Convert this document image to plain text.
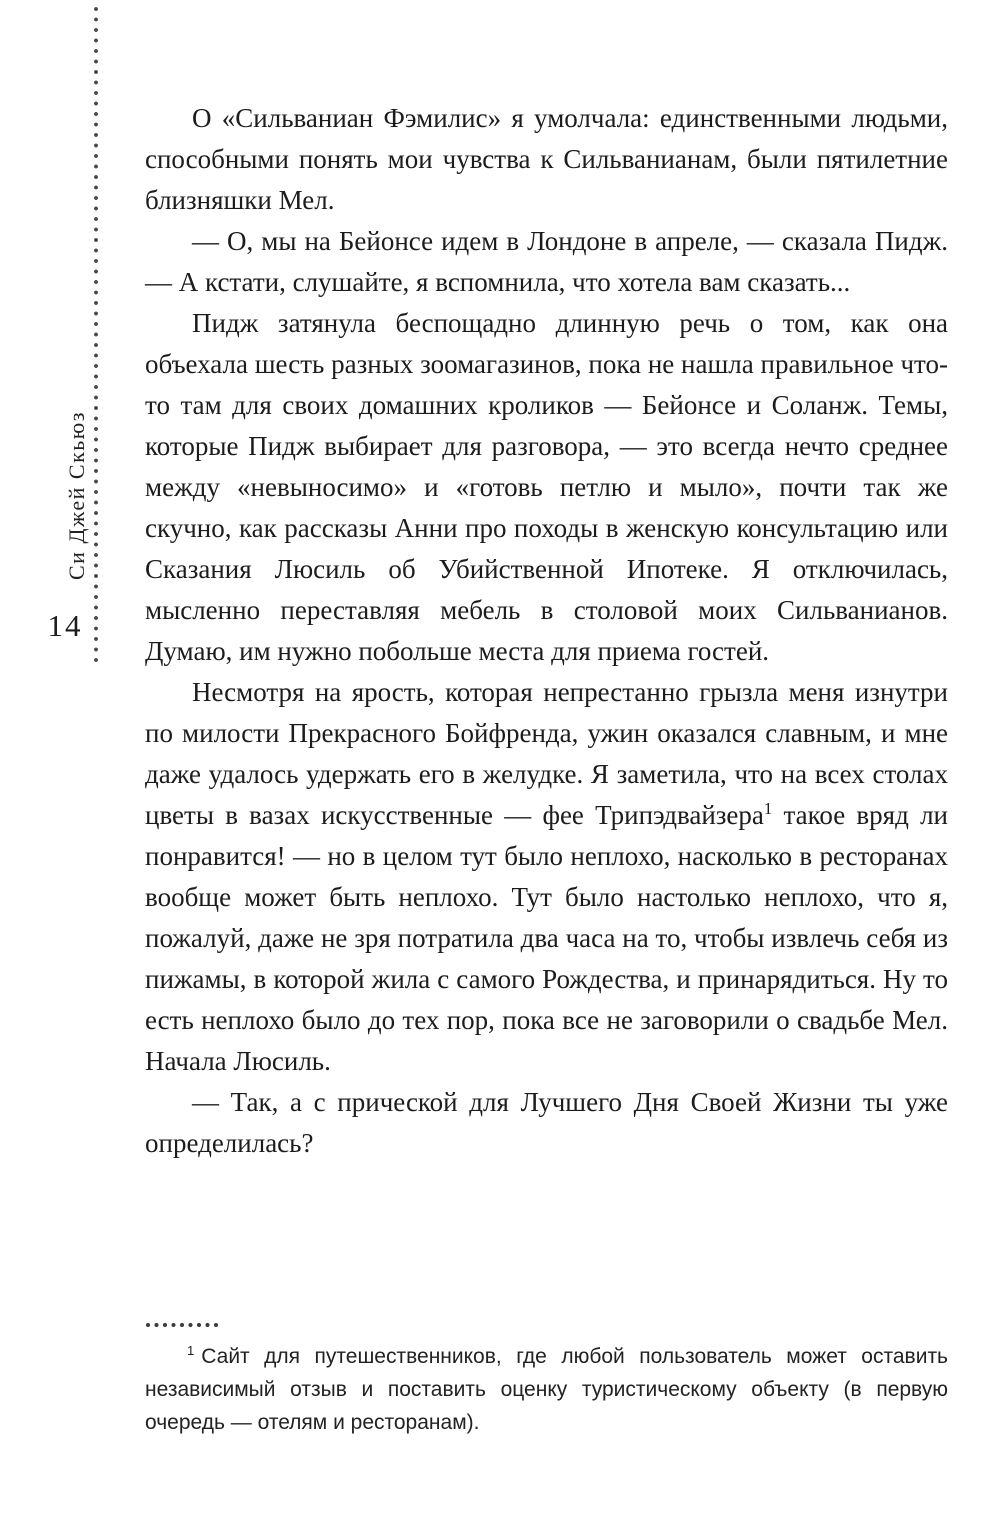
Си Джей Скьюз
14

О «Сильваниан Фэмилис» я умолчала: единственными людьми, способными понять мои чувства к Сильванианам, были пятилетние близняшки Мел.

— О, мы на Бейонсе идем в Лондоне в апреле, — сказала Пидж. — А кстати, слушайте, я вспомнила, что хотела вам сказать...

Пидж затянула беспощадно длинную речь о том, как она объехала шесть разных зоомагазинов, пока не нашла правильное что-то там для своих домашних кроликов — Бейонсе и Соланж. Темы, которые Пидж выбирает для разговора, — это всегда нечто среднее между «невыносимо» и «готовь петлю и мыло», почти так же скучно, как рассказы Анни про походы в женскую консультацию или Сказания Люсиль об Убийственной Ипотеке. Я отключилась, мысленно переставляя мебель в столовой моих Сильванианов. Думаю, им нужно побольше места для приема гостей.

Несмотря на ярость, которая непрестанно грызла меня изнутри по милости Прекрасного Бойфренда, ужин оказался славным, и мне даже удалось удержать его в желудке. Я заметила, что на всех столах цветы в вазах искусственные — фее Трипэдвайзера$^1$ такое вряд ли понравится! — но в целом тут было неплохо, насколько в ресторанах вообще может быть неплохо. Тут было настолько неплохо, что я, пожалуй, даже не зря потратила два часа на то, чтобы извлечь себя из пижамы, в которой жила с самого Рождества, и принарядиться. Ну то есть неплохо было до тех пор, пока все не заговорили о свадьбе Мел. Начала Люсиль.

— Так, а с прической для Лучшего Дня Своей Жизни ты уже определилась?

$^1$ Сайт для путешественников, где любой пользователь может оставить независимый отзыв и поставить оценку туристическому объекту (в первую очередь — отелям и ресторанам).
